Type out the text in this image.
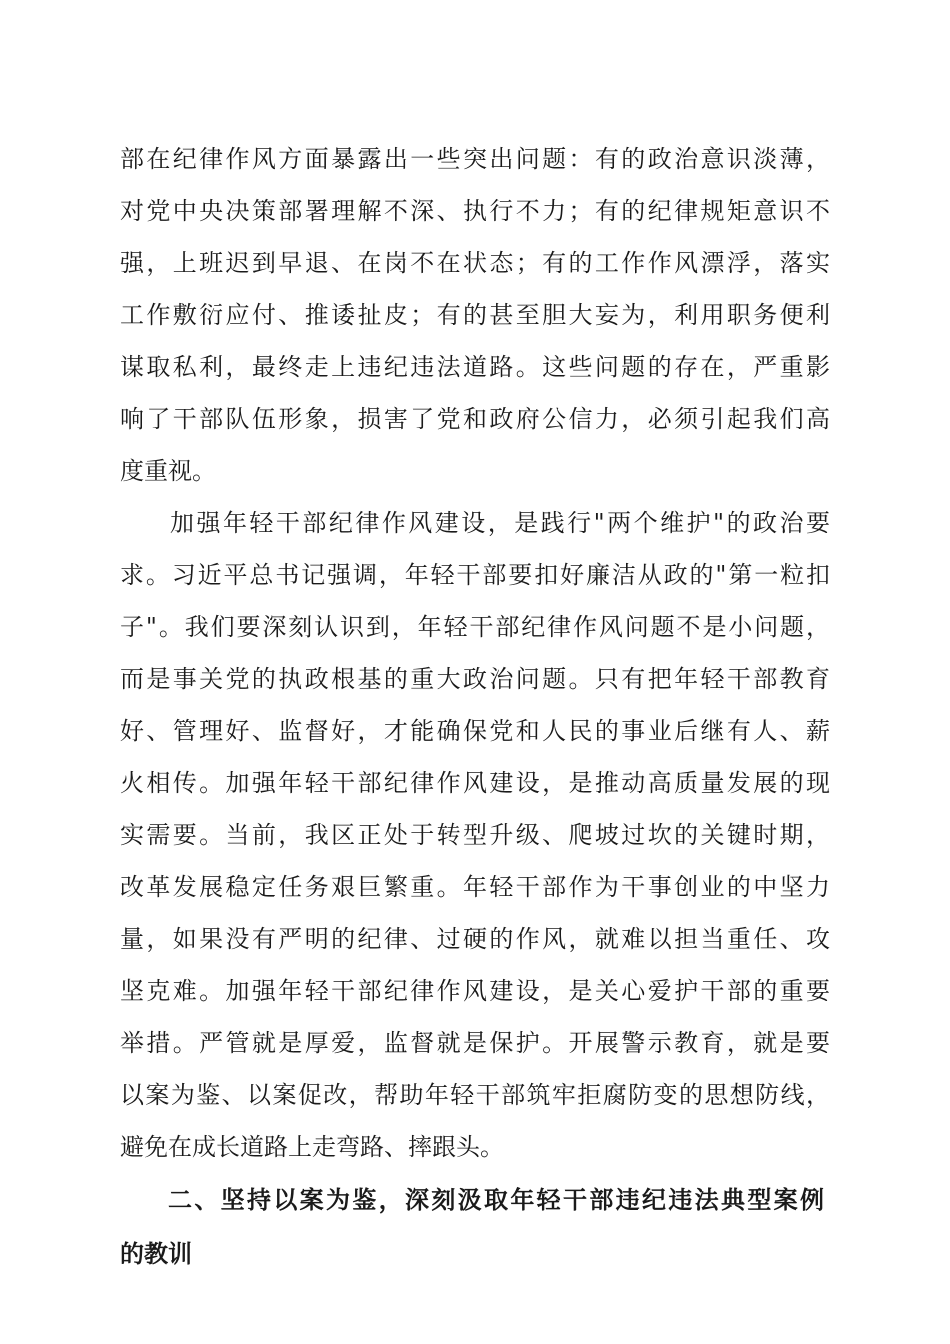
部在纪律作风方面暴露出一些突出问题：有的政治意识淡薄，
对党中央决策部署理解不深、执行不力；有的纪律规矩意识不
强，上班迟到早退、在岗不在状态；有的工作作风漂浮，落实
工作敷衍应付、推诿扯皮；有的甚至胆大妄为，利用职务便利
谋取私利，最终走上违纪违法道路。这些问题的存在，严重影
响了干部队伍形象，损害了党和政府公信力，必须引起我们高
度重视。
加强年轻干部纪律作风建设，是践行"两个维护"的政治要
求。习近平总书记强调，年轻干部要扣好廉洁从政的"第一粒扣
子"。我们要深刻认识到，年轻干部纪律作风问题不是小问题，
而是事关党的执政根基的重大政治问题。只有把年轻干部教育
好、管理好、监督好，才能确保党和人民的事业后继有人、薪
火相传。加强年轻干部纪律作风建设，是推动高质量发展的现
实需要。当前，我区正处于转型升级、爬坡过坎的关键时期，
改革发展稳定任务艰巨繁重。年轻干部作为干事创业的中坚力
量，如果没有严明的纪律、过硬的作风，就难以担当重任、攻
坚克难。加强年轻干部纪律作风建设，是关心爱护干部的重要
举措。严管就是厚爱，监督就是保护。开展警示教育，就是要
以案为鉴、以案促改，帮助年轻干部筑牢拒腐防变的思想防线，
避免在成长道路上走弯路、摔跟头。
二、坚持以案为鉴，深刻汲取年轻干部违纪违法典型案例
的教训
